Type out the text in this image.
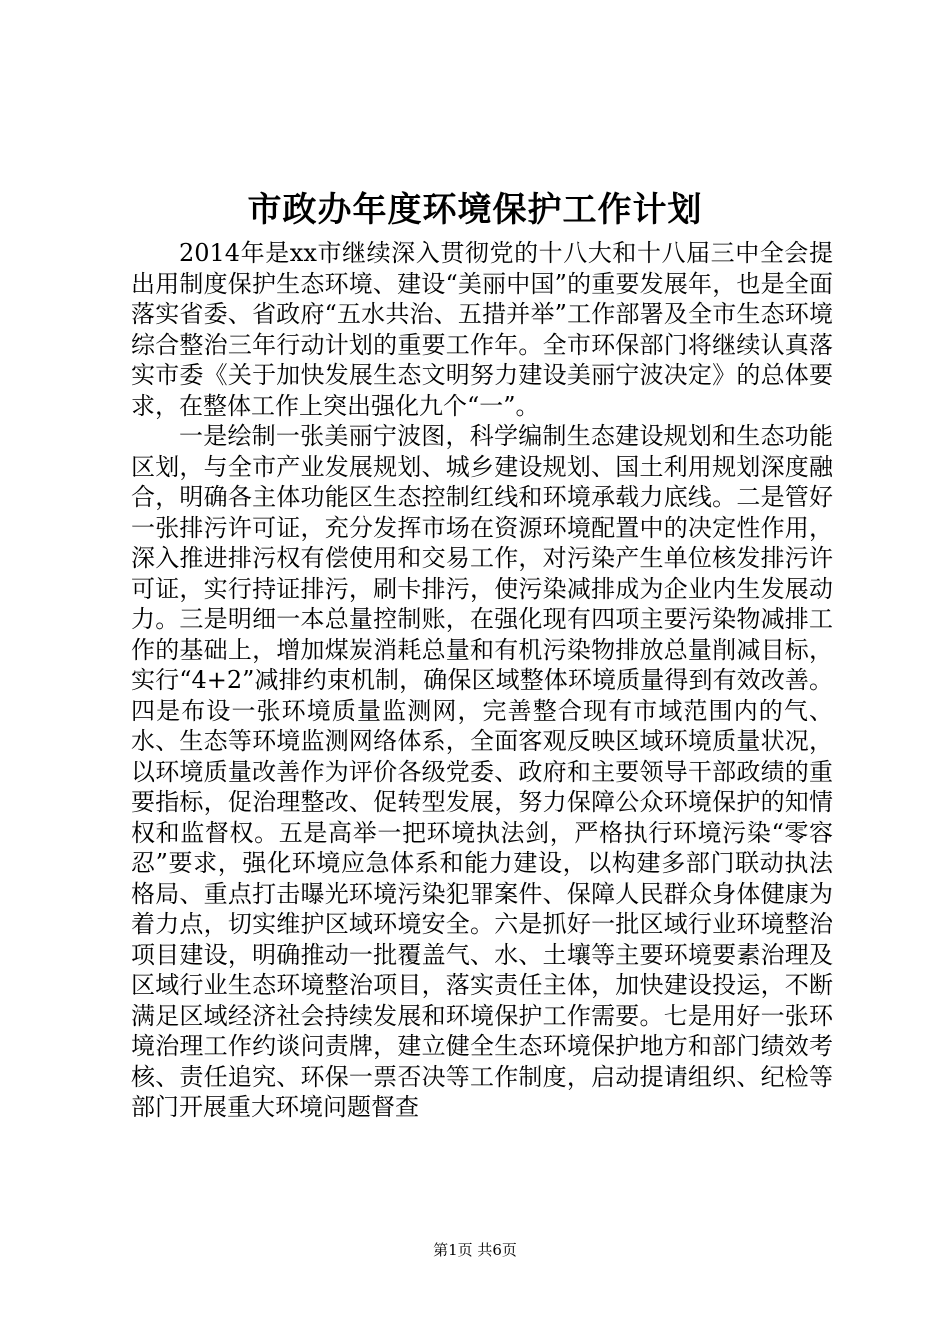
市政办年度环境保护工作计划

2014年是xx市继续深入贯彻党的十八大和十八届三中全会提出用制度保护生态环境、建设“美丽中国”的重要发展年，也是全面落实省委、省政府“五水共治、五措并举”工作部署及全市生态环境综合整治三年行动计划的重要工作年。全市环保部门将继续认真落实市委《关于加快发展生态文明努力建设美丽宁波决定》的总体要求，在整体工作上突出强化九个“一”。

一是绘制一张美丽宁波图，科学编制生态建设规划和生态功能区划，与全市产业发展规划、城乡建设规划、国土利用规划深度融合，明确各主体功能区生态控制红线和环境承载力底线。二是管好一张排污许可证，充分发挥市场在资源环境配置中的决定性作用，深入推进排污权有偿使用和交易工作，对污染产生单位核发排污许可证，实行持证排污，刷卡排污，使污染减排成为企业内生发展动力。三是明细一本总量控制账，在强化现有四项主要污染物减排工作的基础上，增加煤炭消耗总量和有机污染物排放总量削减目标，实行“4+2”减排约束机制，确保区域整体环境质量得到有效改善。四是布设一张环境质量监测网，完善整合现有市域范围内的气、水、生态等环境监测网络体系，全面客观反映区域环境质量状况，以环境质量改善作为评价各级党委、政府和主要领导干部政绩的重要指标，促治理整改、促转型发展，努力保障公众环境保护的知情权和监督权。五是高举一把环境执法剑，严格执行环境污染“零容忍”要求，强化环境应急体系和能力建设，以构建多部门联动执法格局、重点打击曝光环境污染犯罪案件、保障人民群众身体健康为着力点，切实维护区域环境安全。六是抓好一批区域行业环境整治项目建设，明确推动一批覆盖气、水、土壤等主要环境要素治理及区域行业生态环境整治项目，落实责任主体，加快建设投运，不断满足区域经济社会持续发展和环境保护工作需要。七是用好一张环境治理工作约谈问责牌，建立健全生态环境保护地方和部门绩效考核、责任追究、环保一票否决等工作制度，启动提请组织、纪检等部门开展重大环境问题督查

第1页 共6页
